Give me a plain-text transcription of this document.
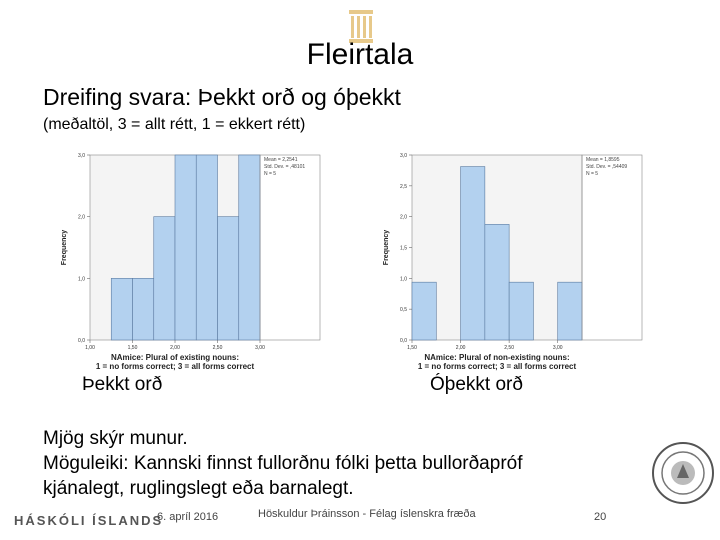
Fleirtala
Dreifing svara: Þekkt orð og óþekkt
(meðaltöl, 3 = allt rétt, 1 = ekkert rétt)
0,0
1,0
2,0
3,0
1,00	1,50	2,00	2,50	3,00
Frequency
NAmice: Plural of existing nouns:
1 = no forms correct; 3 = all forms correct
Mean = 2,2541
Std. Dev. = ,48101
N = 5
0,0
0,5
1,0
1,5
2,0
2,5
3,0
1,50	2,00	2,50	3,00
Frequency
NAmice: Plural of non-existing nouns:
1 = no forms correct; 3 = all forms correct
Mean = 1,8595
Std. Dev. = ,54409
N = 5
Þekkt orð	Óþekkt orð
Mjög skýr munur.
Möguleiki: Kannski finnst fullorðnu fólki þetta bullorðapróf
kjánalegt, ruglingslegt eða barnalegt.
HÁSKÓLI ÍSLANDS
6. apríl 2016	Höskuldur Þráinsson - Félag íslenskra fræða	20
